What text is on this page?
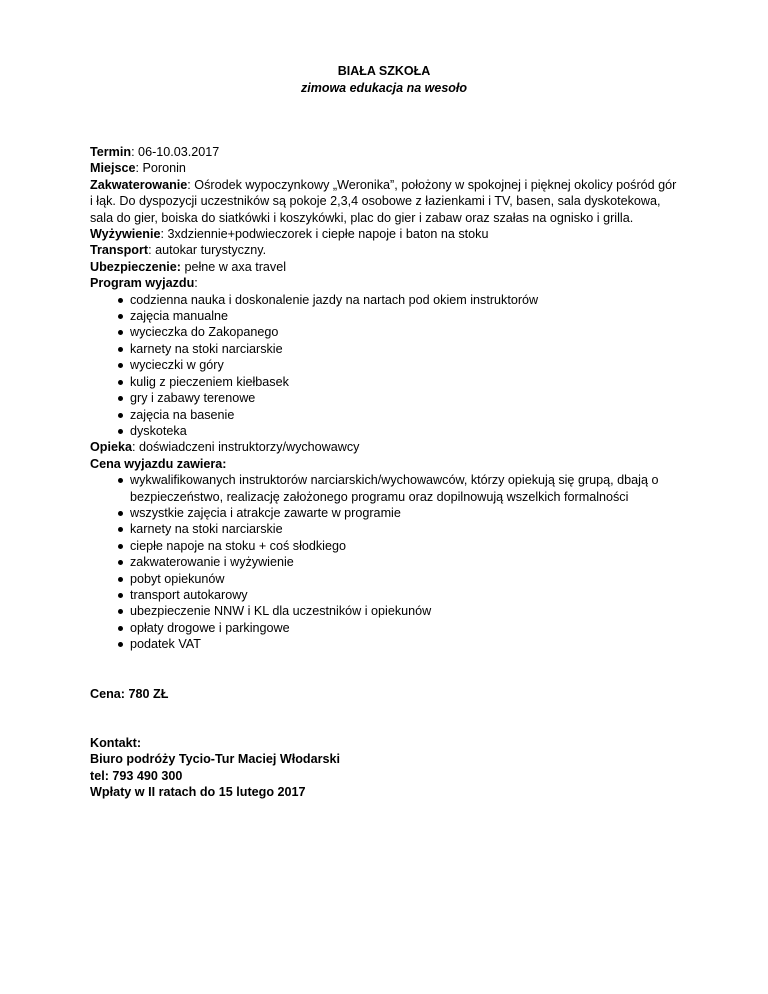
BIAŁA SZKOŁA
zimowa edukacja na wesoło

Termin: 06-10.03.2017

Miejsce: Poronin

Zakwaterowanie: Ośrodek wypoczynkowy „Weronika”, położony w spokojnej i pięknej okolicy pośród gór i łąk. Do dyspozycji uczestników są pokoje 2,3,4 osobowe z łazienkami i TV, basen, sala dyskotekowa, sala do gier, boiska do siatkówki i koszykówki, plac do gier i zabaw oraz szałas na ognisko i grilla.

Wyżywienie: 3xdziennie+podwieczorek i ciepłe napoje i baton na stoku

Transport: autokar turystyczny.

Ubezpieczenie: pełne w axa travel

Program wyjazdu:

codzienna nauka i doskonalenie jazdy na nartach pod okiem instruktorów
zajęcia manualne
wycieczka do Zakopanego
karnety na stoki narciarskie
wycieczki w góry
kulig z pieczeniem kiełbasek
gry i zabawy terenowe
zajęcia na basenie
dyskoteka

Opieka: doświadczeni instruktorzy/wychowawcy

Cena wyjazdu zawiera:

wykwalifikowanych instruktorów narciarskich/wychowawców, którzy opiekują się grupą, dbają o bezpieczeństwo, realizację założonego programu oraz dopilnowują wszelkich formalności
wszystkie zajęcia i atrakcje zawarte w programie
karnety na stoki narciarskie
ciepłe napoje na stoku + coś słodkiego
zakwaterowanie i wyżywienie
pobyt opiekunów
transport autokarowy
ubezpieczenie NNW i KL dla uczestników i opiekunów
opłaty drogowe i parkingowe
podatek VAT

Cena: 780 ZŁ

Kontakt:

Biuro podróży Tycio-Tur Maciej Włodarski

tel: 793 490 300

Wpłaty w II ratach do 15 lutego 2017
